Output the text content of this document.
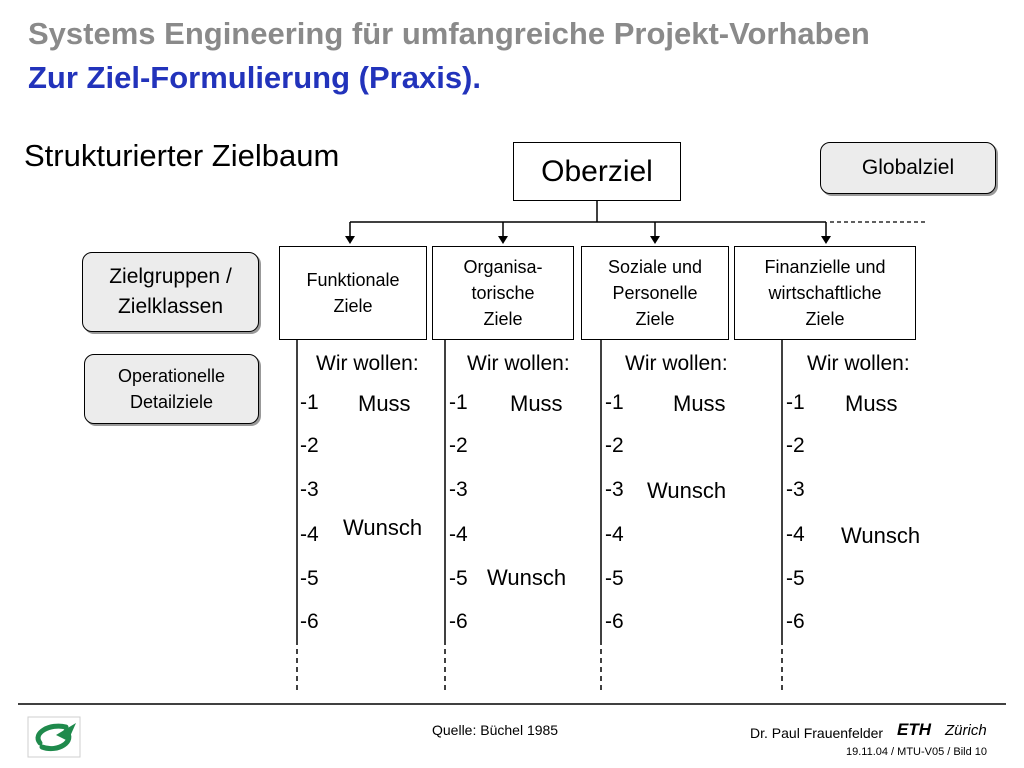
Systems Engineering für umfangreiche Projekt-Vorhaben
Zur Ziel-Formulierung (Praxis).
Strukturierter Zielbaum	Oberziel	Globalziel
Zielgruppen /
Zielklassen
Operationelle
Detailziele
Funktionale
Ziele
Organisa-
torische
Ziele
Soziale und
Personelle
Ziele
Finanzielle und
wirtschaftliche
Ziele
Wir wollen:
-1
-2
-3
-4
-5
-6
Muss
Wunsch
Wir wollen:
-1
-2
-3
-4
-5
-6
Muss
Wunsch
Wir wollen:
-1
-2
-3
-4
-5
-6
Muss
Wunsch
Wir wollen:
-1
-2
-3
-4
-5
-6
Muss
Wunsch
Quelle: Büchel 1985	Dr. Paul Frauenfelder ETH Zürich
19.11.04 / MTU-V05 / Bild 10
